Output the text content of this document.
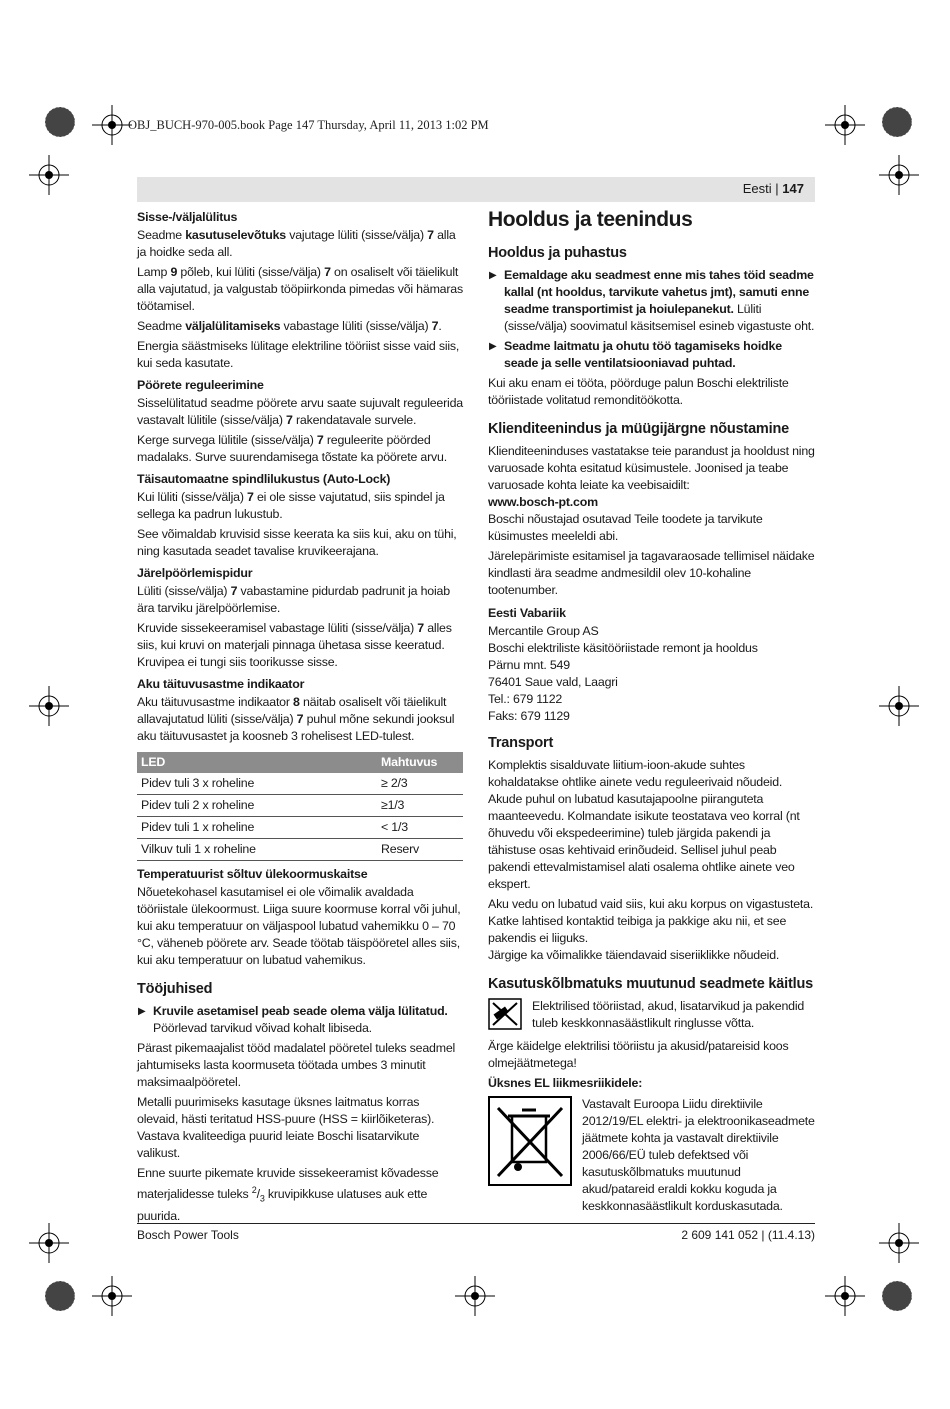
OBJ_BUCH-970-005.book Page 147 Thursday, April 11, 2013 1:02 PM
Eesti | 147
Sisse-/väljalülitus

Seadme kasutuselevõtuks vajutage lüliti (sisse/välja) 7 alla ja hoidke seda all.

Lamp 9 põleb, kui lüliti (sisse/välja) 7 on osaliselt või täielikult alla vajutatud, ja valgustab tööpiirkonda pimedas või hämaras töötamisel.

Seadme väljalülitamiseks vabastage lüliti (sisse/välja) 7.

Energia säästmiseks lülitage elektriline tööriist sisse vaid siis, kui seda kasutate.

Pöörete reguleerimine

Sisselülitatud seadme pöörete arvu saate sujuvalt reguleerida vastavalt lülitile (sisse/välja) 7 rakendatavale survele.

Kerge survega lülitile (sisse/välja) 7 reguleerite pöörded madalaks. Surve suurendamisega tõstate ka pöörete arvu.

Täisautomaatne spindlilukustus (Auto-Lock)

Kui lüliti (sisse/välja) 7 ei ole sisse vajutatud, siis spindel ja sellega ka padrun lukustub.

See võimaldab kruvisid sisse keerata ka siis kui, aku on tühi, ning kasutada seadet tavalise kruvikeerajana.

Järelpöörlemispidur

Lüliti (sisse/välja) 7 vabastamine pidurdab padrunit ja hoiab ära tarviku järelpöörlemise.

Kruvide sissekeeramisel vabastage lüliti (sisse/välja) 7 alles siis, kui kruvi on materjali pinnaga ühetasa sisse keeratud. Kruvipea ei tungi siis toorikusse sisse.

Aku täituvusastme indikaator

Aku täituvusastme indikaator 8 näitab osaliselt või täielikult allavajutatud lüliti (sisse/välja) 7 puhul mõne sekundi jooksul aku täituvusastet ja koosneb 3 rohelisest LED-tulest.

LED	Mahtuvus
Pidev tuli 3 x roheline	≥ 2/3
Pidev tuli 2 x roheline	≥1/3
Pidev tuli 1 x roheline	< 1/3
Vilkuv tuli 1 x roheline	Reserv
Temperatuurist sõltuv ülekoormuskaitse

Nõuetekohasel kasutamisel ei ole võimalik avaldada tööriistale ülekoormust. Liiga suure koormuse korral või juhul, kui aku temperatuur on väljaspool lubatud vahemikku 0 – 70 °C, väheneb pöörete arv. Seade töötab täispööretel alles siis, kui aku temperatuur on lubatud vahemikus.

Tööjuhised
▶ Kruvile asetamisel peab seade olema välja lülitatud.
Pöörlevad tarvikud võivad kohalt libiseda.

Pärast pikemaajalist tööd madalatel pööretel tuleks seadmel jahtumiseks lasta koormuseta töötada umbes 3 minutit maksimaalpööretel.

Metalli puurimiseks kasutage üksnes laitmatus korras olevaid, hästi teritatud HSS-puure (HSS = kiirlõiketeras). Vastava kvaliteediga puurid leiate Boschi lisatarvikute valikust.

Enne suurte pikemate kruvide sissekeeramist kõvadesse materjalidesse tuleks $^2/_3$ kruvipikkuse ulatuses auk ette puurida.

Hooldus ja teenindus
Hooldus ja puhastus
▶ Eemaldage aku seadmest enne mis tahes töid seadme kallal (nt hooldus, tarvikute vahetus jmt), samuti enne seadme transportimist ja hoiulepanekut. Lüliti (sisse/välja) soovimatul käsitsemisel esineb vigastuste oht.
▶ Seadme laitmatu ja ohutu töö tagamiseks hoidke seade ja selle ventilatsiooniavad puhtad.

Kui aku enam ei tööta, pöörduge palun Boschi elektriliste tööriistade volitatud remonditöökotta.

Klienditeenindus ja müügijärgne nõustamine

Klienditeeninduses vastatakse teie parandust ja hooldust ning varuosade kohta esitatud küsimustele. Joonised ja teabe varuosade kohta leiate ka veebisaidilt:

www.bosch-pt.com

Boschi nõustajad osutavad Teile toodete ja tarvikute küsimustes meeleldi abi.

Järelepärimiste esitamisel ja tagavaraosade tellimisel näidake kindlasti ära seadme andmesildil olev 10-kohaline tootenumber.

Eesti Vabariik
Mercantile Group AS
Boschi elektriliste käsitööriistade remont ja hooldus
Pärnu mnt. 549
76401 Saue vald, Laagri
Tel.: 679 1122
Faks: 679 1129
Transport

Komplektis sisalduvate liitium-ioon-akude suhtes kohaldatakse ohtlike ainete vedu reguleerivaid nõudeid. Akude puhul on lubatud kasutajapoolne piiranguteta maanteevedu. Kolmandate isikute teostatava veo korral (nt õhuvedu või ekspedeerimine) tuleb järgida pakendi ja tähistuse osas kehtivaid erinõudeid. Sellisel juhul peab pakendi ettevalmistamisel alati osalema ohtlike ainete veo ekspert.

Aku vedu on lubatud vaid siis, kui aku korpus on vigastusteta. Katke lahtised kontaktid teibiga ja pakkige aku nii, et see pakendis ei liiguks.

Järgige ka võimalikke täiendavaid siseriiklikke nõudeid.

Kasutuskõlbmatuks muutunud seadmete käitlus
Elektrilised tööriistad, akud, lisatarvikud ja pakendid tuleb keskkonnasäästlikult ringlusse võtta.

Ärge käidelge elektrilisi tööriistu ja akusid/patareisid koos olmejäätmetega!

Üksnes EL liikmesriikidele:
Vastavalt Euroopa Liidu direktiivile 2012/19/EL elektri- ja elektroonikaseadmete jäätmete kohta ja vastavalt direktiivile 2006/66/EÜ tuleb defektsed või kasutuskõlbmatuks muutunud akud/patareid eraldi kokku koguda ja keskkonnasäästlikult korduskasutada.
Bosch Power Tools	2 609 141 052 | (11.4.13)
